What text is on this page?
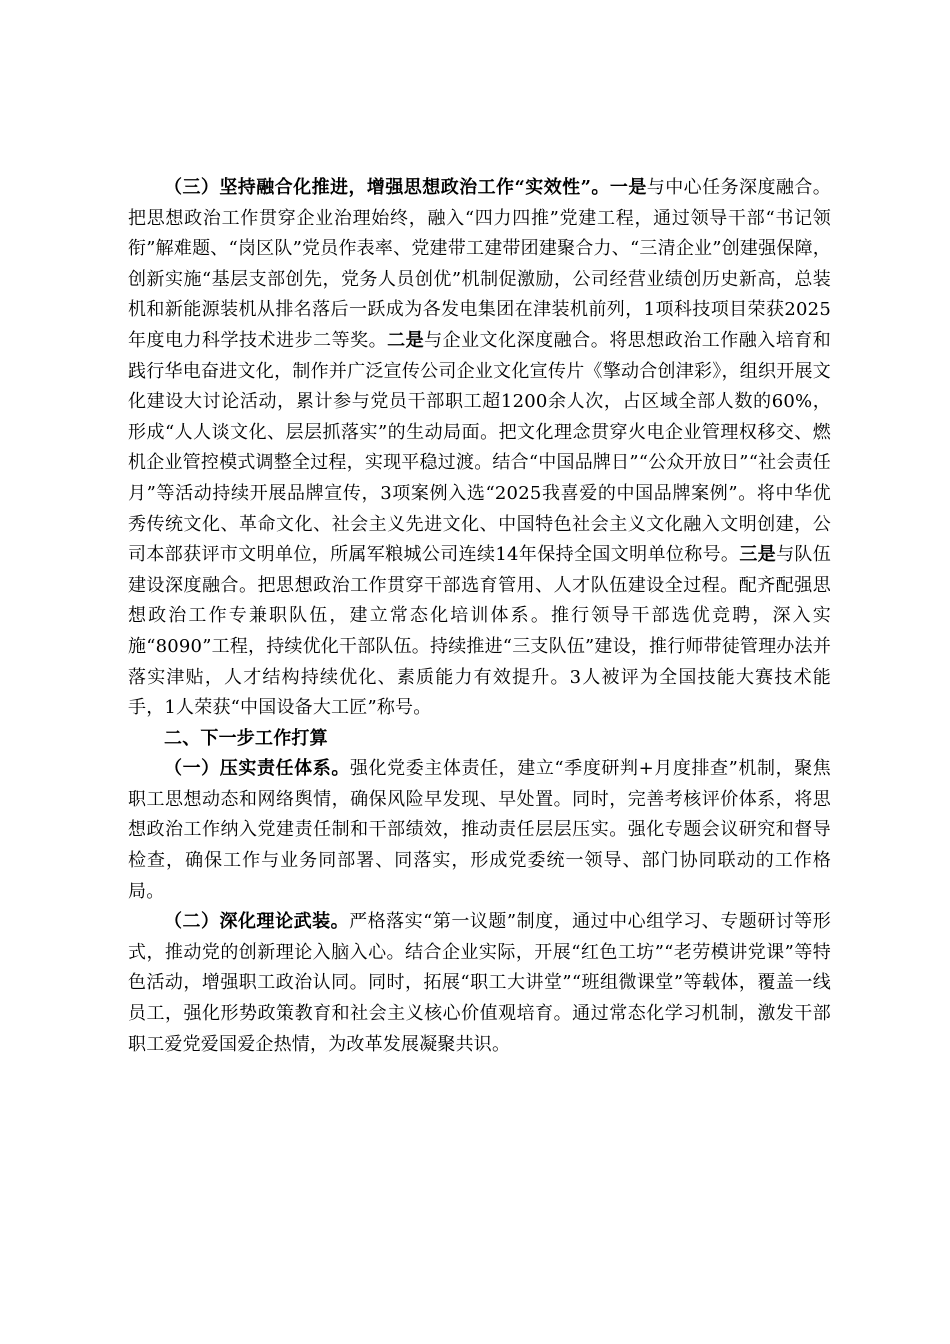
（三）坚持融合化推进，增强思想政治工作“实效性”。一是与中心任务深度融合。把思想政治工作贯穿企业治理始终，融入“四力四推”党建工程，通过领导干部“书记领衔”解难题、“岗区队”党员作表率、党建带工建带团建聚合力、“三清企业”创建强保障，创新实施“基层支部创先，党务人员创优”机制促激励，公司经营业绩创历史新高，总装机和新能源装机从排名落后一跃成为各发电集团在津装机前列，1项科技项目荣获2025年度电力科学技术进步二等奖。二是与企业文化深度融合。将思想政治工作融入培育和践行华电奋进文化，制作并广泛宣传公司企业文化宣传片《擎动合创津彩》，组织开展文化建设大讨论活动，累计参与党员干部职工超1200余人次，占区域全部人数的60%，形成“人人谈文化、层层抓落实”的生动局面。把文化理念贯穿火电企业管理权移交、燃机企业管控模式调整全过程，实现平稳过渡。结合“中国品牌日”“公众开放日”“社会责任月”等活动持续开展品牌宣传，3项案例入选“2025我喜爱的中国品牌案例”。将中华优秀传统文化、革命文化、社会主义先进文化、中国特色社会主义文化融入文明创建，公司本部获评市文明单位，所属军粮城公司连续14年保持全国文明单位称号。三是与队伍建设深度融合。把思想政治工作贯穿干部选育管用、人才队伍建设全过程。配齐配强思想政治工作专兼职队伍，建立常态化培训体系。推行领导干部选优竞聘，深入实施“8090”工程，持续优化干部队伍。持续推进“三支队伍”建设，推行师带徒管理办法并落实津贴，人才结构持续优化、素质能力有效提升。3人被评为全国技能大赛技术能手，1人荣获“中国设备大工匠”称号。

二、下一步工作打算

（一）压实责任体系。强化党委主体责任，建立“季度研判+月度排查”机制，聚焦职工思想动态和网络舆情，确保风险早发现、早处置。同时，完善考核评价体系，将思想政治工作纳入党建责任制和干部绩效，推动责任层层压实。强化专题会议研究和督导检查，确保工作与业务同部署、同落实，形成党委统一领导、部门协同联动的工作格局。

（二）深化理论武装。严格落实“第一议题”制度，通过中心组学习、专题研讨等形式，推动党的创新理论入脑入心。结合企业实际，开展“红色工坊”“老劳模讲党课”等特色活动，增强职工政治认同。同时，拓展“职工大讲堂”“班组微课堂”等载体，覆盖一线员工，强化形势政策教育和社会主义核心价值观培育。通过常态化学习机制，激发干部职工爱党爱国爱企热情，为改革发展凝聚共识。
